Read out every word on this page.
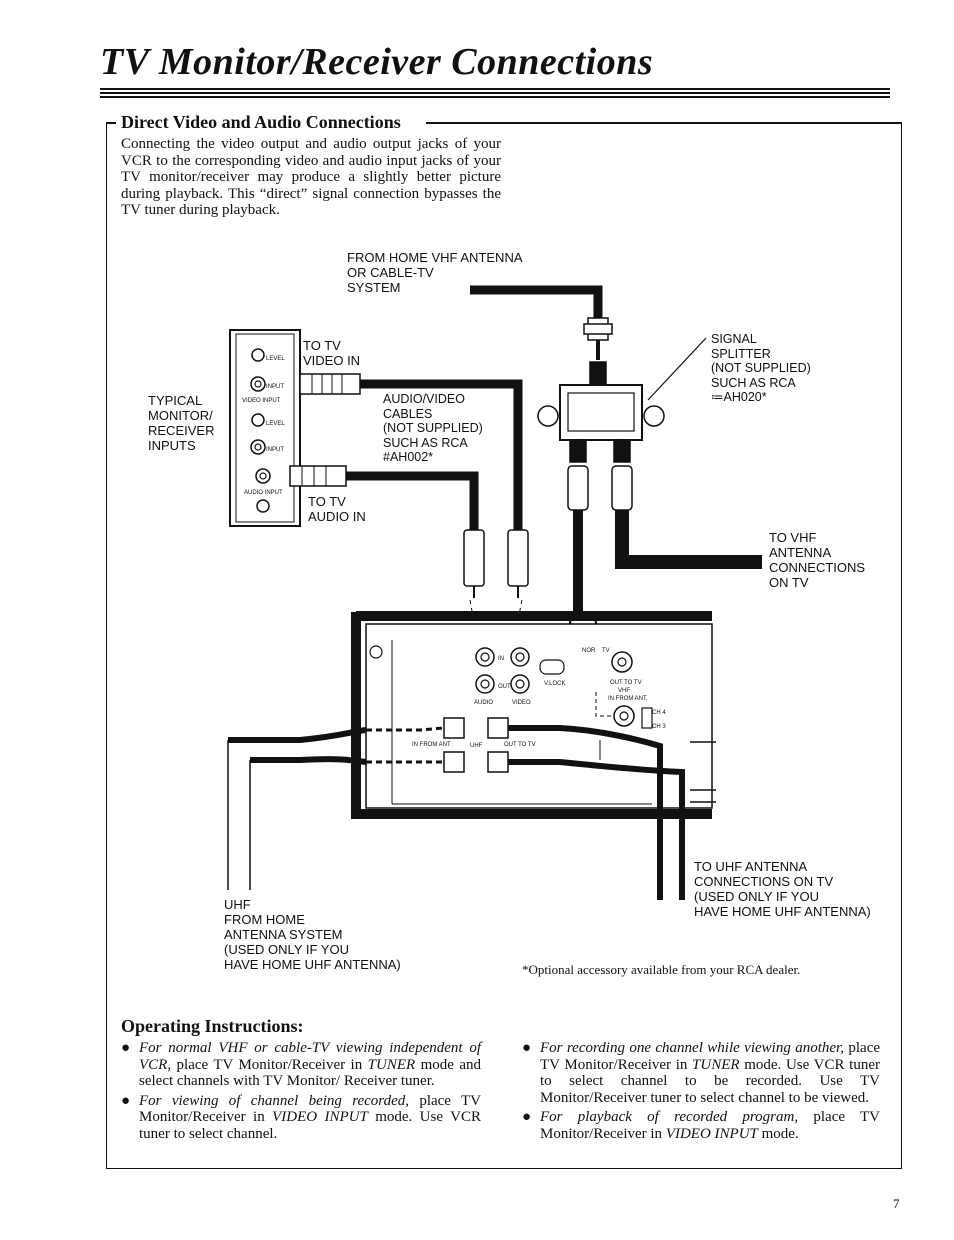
TV Monitor/Receiver Connections
Direct Video and Audio Connections

Connecting the video output and audio output jacks of your VCR to the corresponding video and audio input jacks of your TV monitor/receiver may produce a slightly better picture during playback. This “direct” signal connection bypasses the TV tuner during playback.

LEVEL
INPUT
VIDEO INPUT
LEVEL
INPUT
AUDIO INPUT
IN
OUT
AUDIO	VIDEO
NOR TV
V.LOCK	OUT TO TV
VHF
IN FROM ANT.
CH 4
CH 3
IN FROM ANT	UHF	OUT TO TV

FROM HOME VHF ANTENNA
OR CABLE-TV
SYSTEM

TO TV
VIDEO IN

SIGNAL
SPLITTER
(NOT SUPPLIED)
SUCH AS RCA
≔AH020*

TYPICAL
MONITOR/
RECEIVER
INPUTS

AUDIO/VIDEO
CABLES
(NOT SUPPLIED)
SUCH AS RCA
#AH002*

TO TV
AUDIO IN

TO VHF
ANTENNA
CONNECTIONS
ON TV

TO UHF ANTENNA
CONNECTIONS ON TV
(USED ONLY IF YOU
HAVE HOME UHF ANTENNA)

UHF
FROM HOME
ANTENNA SYSTEM
(USED ONLY IF YOU
HAVE HOME UHF ANTENNA)	*Optional accessory available from your RCA dealer.

Operating Instructions:
● For normal VHF or cable-TV viewing independent of VCR, place TV Monitor/Receiver in TUNER mode and select channels with TV Monitor/ Receiver tuner.
● For viewing of channel being recorded, place TV Monitor/Receiver in VIDEO INPUT mode. Use VCR tuner to select channel.
● For recording one channel while viewing another, place TV Monitor/Receiver in TUNER mode. Use VCR tuner to select channel to be recorded. Use TV Monitor/Receiver tuner to select channel to be viewed.
● For playback of recorded program, place TV Monitor/Receiver in VIDEO INPUT mode.

7
